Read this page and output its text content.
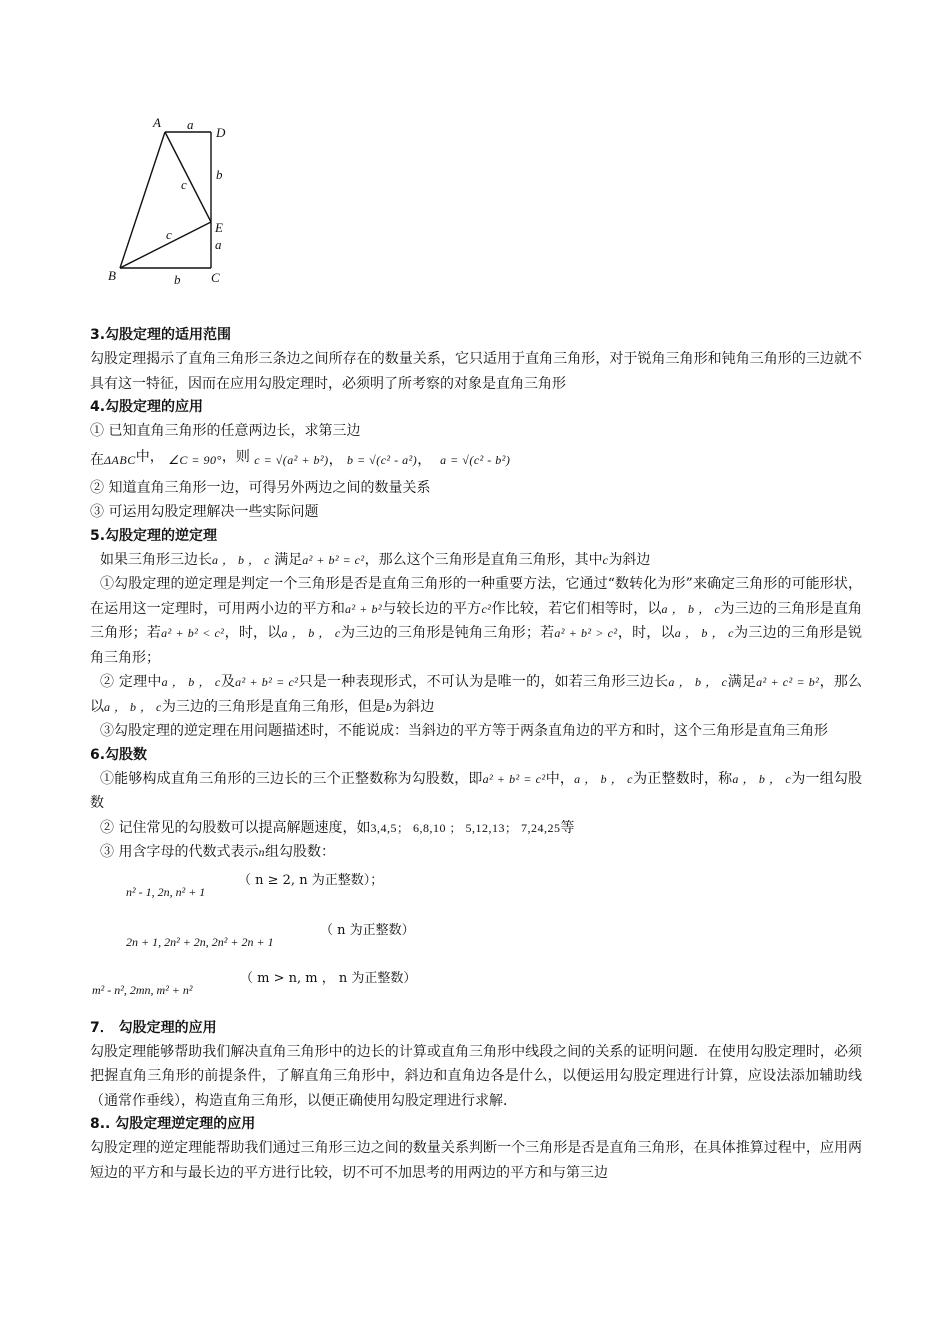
A a
D
b
c
E
c
a
B	b C
3.勾股定理的适用范围

勾股定理揭示了直角三角形三条边之间所存在的数量关系，它只适用于直角三角形，对于锐角三角形和钝角三角形的三边就不具有这一特征，因而在应用勾股定理时，必须明了所考察的对象是直角三角形

4.勾股定理的应用

① 已知直角三角形的任意两边长，求第三边

在ΔABC中， ∠C = 90°，则 c = √(a² + b²)， b = √(c² - a²)，  a = √(c² - b²)

② 知道直角三角形一边，可得另外两边之间的数量关系

③ 可运用勾股定理解决一些实际问题

5.勾股定理的逆定理

如果三角形三边长a ， b ， c 满足a² + b² = c²，那么这个三角形是直角三角形，其中c为斜边

①勾股定理的逆定理是判定一个三角形是否是直角三角形的一种重要方法，它通过“数转化为形”来确定三角形的可能形状，在运用这一定理时，可用两小边的平方和a² + b²与较长边的平方c²作比较，若它们相等时，以a ， b ， c为三边的三角形是直角三角形；若a² + b² < c²，时，以a ， b ， c为三边的三角形是钝角三角形；若a² + b² > c²，时，以a ， b ， c为三边的三角形是锐角三角形；

② 定理中a ， b ， c及a² + b² = c²只是一种表现形式，不可认为是唯一的，如若三角形三边长a ， b ， c满足a² + c² = b²，那么以a ， b ， c为三边的三角形是直角三角形，但是b为斜边

③勾股定理的逆定理在用问题描述时，不能说成：当斜边的平方等于两条直角边的平方和时，这个三角形是直角三角形

6.勾股数

①能够构成直角三角形的三边长的三个正整数称为勾股数，即a² + b² = c²中，a ， b ， c为正整数时，称a ， b ， c为一组勾股数

② 记住常见的勾股数可以提高解题速度，如3,4,5； 6,8,10 ； 5,12,13； 7,24,25等

③ 用含字母的代数式表示n组勾股数：

n² - 1, 2n, n² + 1
（ n ≥ 2, n 为正整数）；
2n + 1, 2n² + 2n, 2n² + 2n + 1
（ n 为正整数）
m² - n², 2mn, m² + n²
（ m > n, m ， n 为正整数）
7． 勾股定理的应用

勾股定理能够帮助我们解决直角三角形中的边长的计算或直角三角形中线段之间的关系的证明问题．在使用勾股定理时，必须把握直角三角形的前提条件，了解直角三角形中，斜边和直角边各是什么，以便运用勾股定理进行计算，应设法添加辅助线（通常作垂线），构造直角三角形，以便正确使用勾股定理进行求解．

8.. 勾股定理逆定理的应用

勾股定理的逆定理能帮助我们通过三角形三边之间的数量关系判断一个三角形是否是直角三角形，在具体推算过程中，应用两短边的平方和与最长边的平方进行比较，切不可不加思考的用两边的平方和与第三边
